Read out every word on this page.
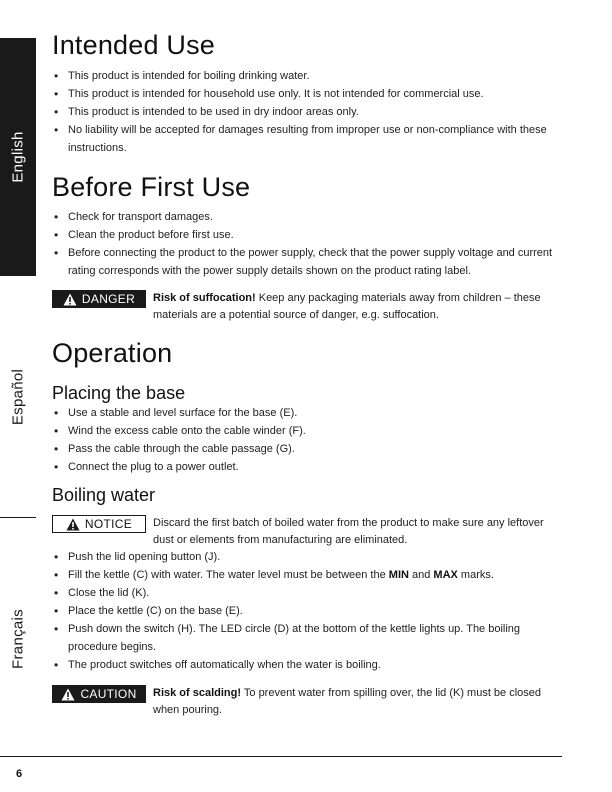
English
Español
Français
Intended Use
• This product is intended for boiling drinking water.
• This product is intended for household use only. It is not intended for commercial use.
• This product is intended to be used in dry indoor areas only.
• No liability will be accepted for damages resulting from improper use or non-compliance with these instructions.
Before First Use
• Check for transport damages.
• Clean the product before first use.
• Before connecting the product to the power supply, check that the power supply voltage and current rating corresponds with the power supply details shown on the product rating label.
DANGER Risk of suffocation! Keep any packaging materials away from children – these materials are a potential source of danger, e.g. suffocation.
Operation
Placing the base
• Use a stable and level surface for the base (E).
• Wind the excess cable onto the cable winder (F).
• Pass the cable through the cable passage (G).
• Connect the plug to a power outlet.
Boiling water
NOTICE Discard the first batch of boiled water from the product to make sure any leftover dust or elements from manufacturing are eliminated.
• Push the lid opening button (J).
• Fill the kettle (C) with water. The water level must be between the MIN and MAX marks.
• Close the lid (K).
• Place the kettle (C) on the base (E).
• Push down the switch (H). The LED circle (D) at the bottom of the kettle lights up. The boiling procedure begins.
• The product switches off automatically when the water is boiling.
CAUTION Risk of scalding! To prevent water from spilling over, the lid (K) must be closed when pouring.
6
